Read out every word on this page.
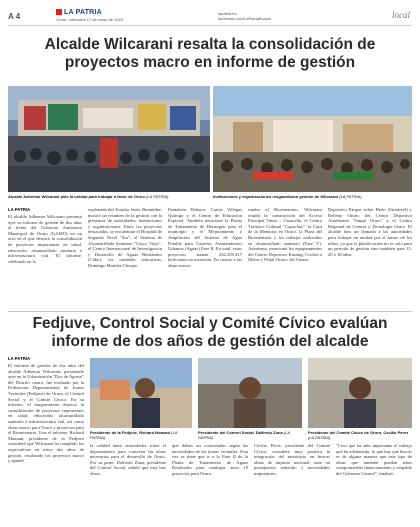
A 4	LA PATRIA
Oruro, miércoles 17 de mayo de 2023
lapatria.bo
facebook.com/LaPatriaBolivia	local
Alcalde Wilcarani resalta la consolidación de proyectos macro en informe de gestión
Alcalde Adhemar Wilcarani pide la unidad para trabajar a favor de Oruro (LA PATRIA)	Instituciones y organizaciones resguardaron gestión de Wilcarani (LA PATRIA)
LA PATRIA

El alcalde Adhemar Wilcarani presentó ayer su informe de gestión de dos años al frente del Gobierno Autónomo Municipal de Oruro (GAMO) en un acto en el que destacó la consolidación de proyectos importantes en salud, educación, alcantarillado sanitario e infraestructura vial. El informe, celebrado en la

explanada del Estadio Jesús Bermúdez, mostró un resumen de la gestión con la presencia de autoridades, instituciones y organizaciones. Entre los proyectos destacados, se encuentran el Hospital de Segundo Nivel "Sur", el Sistema de Alcantarillado Sanitario "Casco Viejo", el Centro Internacional de Investigación y Desarrollo de Aguas Residuales (Cidar), los unidades educativas, Domingo Morales Choque,

Pantaleón Dalence, Carlos Villegas Quiroga y el Centro de Educación Especial. También mencionó la Planta de Tratamiento de Hormigón para el municipio y el Mejoramiento y Ampliación del Sistema de Agua Potable para Caseríos Asentamientos Urbanos (Aguas) Fase II. En total, estos proyectos suman 262.295.417 bolivianos en inversión. En cuanto a las obras macro

rumbo al Bicentenario, Wilcarani resaltó la construcción del Acceso Principal Oruro – Caracollo, el Centro Turístico Cultural "Capachos", la Casa de la Memoria en Oruro, la Plaza del Bicentenario y los trabajos realizados en alcantarillado sanitario (Fase V). Asimismo, mencionó los equipamientos del Centro Deportivo Karting, Coches a Motor y Pedal-Oruro; del Centro

Deportivo Parque sobre Hielo (Sirrahvel) y Relleno Oruro; del Centro Deportivo Autódromo "Jumpi Oruro" y el Centro Regional de Ciencia y Tecnología Oruro. El alcalde hizo un llamado a las autoridades para trabajar en unidad por el futuro de los niños, ya que la planificación no es solo para un periodo de gestión sino también para 15, 20 o 30 años.

Fedjuve, Control Social y Comité Cívico evalúan informe de dos años de gestión del alcalde
LA PATRIA

El informe de gestión de dos años del alcalde Adhemar Wilcarani, presentado ayer en la Urbanización "Dos de Agosto" del Distrito cuatro, fue evaluado por la Federación Departamental de Juntas Vecinales (Fedjuve) de Oruro, el Control Social y el Comité Cívico. En su informe, el burgomaestre destacó la consolidación de proyectos importantes en salud, educación, alcantarillado sanitario e infraestructura vial, así como obras macro para Oruro y proyectos para el Bicentenario. Tras el informe, Richard Mamani, presidente de la Fedjuve consideró que Wilcarani ha cumplido las expectativas en estos dos años de gestión, resaltando los proyectos macro y apuntó

Presidente de la Fedjuve, Richard Mamani (LA PATRIA)
Presidente del Control Social, Dalfredo Zuna (LA PATRIA)
Presidente del Comité Cívico de Oruro, Cecilio Pérez (LA PATRIA)

la calidad entre autoridades sobre el departamento para concretar las obras necesarias para el desarrollo de Oruro. Por su parte, Dalfredo Zuna, presidente del Control Social, señaló que esta hay obras

que deben ser concretadas según las necesidades de las juntas vecinales. Esta vez se tiene que ir a la Fase II de la Planta de Tratamiento de Aguas Residuales para catalogar otros 10 proyectos para Oruro.

Cecilio Pérez, presidente del Comité Cívico, consideró muy positiva la integración del municipio en buscar obras de impacto nacional, ante un presupuesto reducido y necesidades importantes.

"Creo que ha sido importante el trabajo que ha adelantado, lo que hay que buscar es de alguna manera que este tipo de obras que también puedan tener comprometido financiamiento y respaldo del Gobierno Central", finalizó.
